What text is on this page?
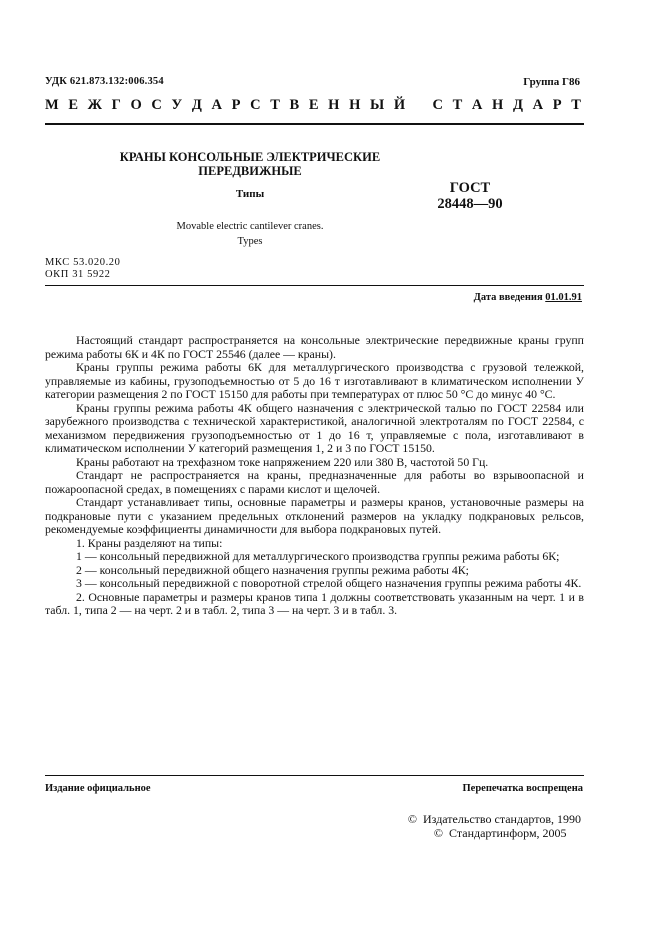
УДК 621.873.132:006.354	Группа Г86
М Е Ж Г О С У Д А Р С Т В Е Н Н Ы Й С Т А Н Д А Р Т
КРАНЫ КОНСОЛЬНЫЕ ЭЛЕКТРИЧЕСКИЕ
ПЕРЕДВИЖНЫЕ
Типы	ГОСТ
28448—90
Movable electric cantilever cranes.
Types
МКС 53.020.20
ОКП 31 5922
Дата введения 01.01.91

Настоящий стандарт распространяется на консольные электрические передвижные краны групп режима работы 6К и 4К по ГОСТ 25546 (далее — краны).

Краны группы режима работы 6К для металлургического производства с грузовой тележкой, управляемые из кабины, грузоподъемностью от 5 до 16 т изготавливают в климатическом исполнении У категории размещения 2 по ГОСТ 15150 для работы при температурах от плюс 50 °С до минус 40 °С.

Краны группы режима работы 4К общего назначения с электрической талью по ГОСТ 22584 или зарубежного производства с технической характеристикой, аналогичной электроталям по ГОСТ 22584, с механизмом передвижения грузоподъемностью от 1 до 16 т, управляемые с пола, изготавливают в климатическом исполнении У категорий размещения 1, 2 и 3 по ГОСТ 15150.

Краны работают на трехфазном токе напряжением 220 или 380 В, частотой 50 Гц.

Стандарт не распространяется на краны, предназначенные для работы во взрывоопасной и пожароопасной средах, в помещениях с парами кислот и щелочей.

Стандарт устанавливает типы, основные параметры и размеры кранов, установочные размеры на подкрановые пути с указанием предельных отклонений размеров на укладку подкрановых рельсов, рекомендуемые коэффициенты динамичности для выбора подкрановых путей.

1. Краны разделяют на типы:

1 — консольный передвижной для металлургического производства группы режима работы 6К;

2 — консольный передвижной общего назначения группы режима работы 4К;

3 — консольный передвижной с поворотной стрелой общего назначения группы режима работы 4К.

2. Основные параметры и размеры кранов типа 1 должны соответствовать указанным на черт. 1 и в табл. 1, типа 2 — на черт. 2 и в табл. 2, типа 3 — на черт. 3 и в табл. 3.

Издание официальное	Перепечатка воспрещена
© Издательство стандартов, 1990
© Стандартинформ, 2005
